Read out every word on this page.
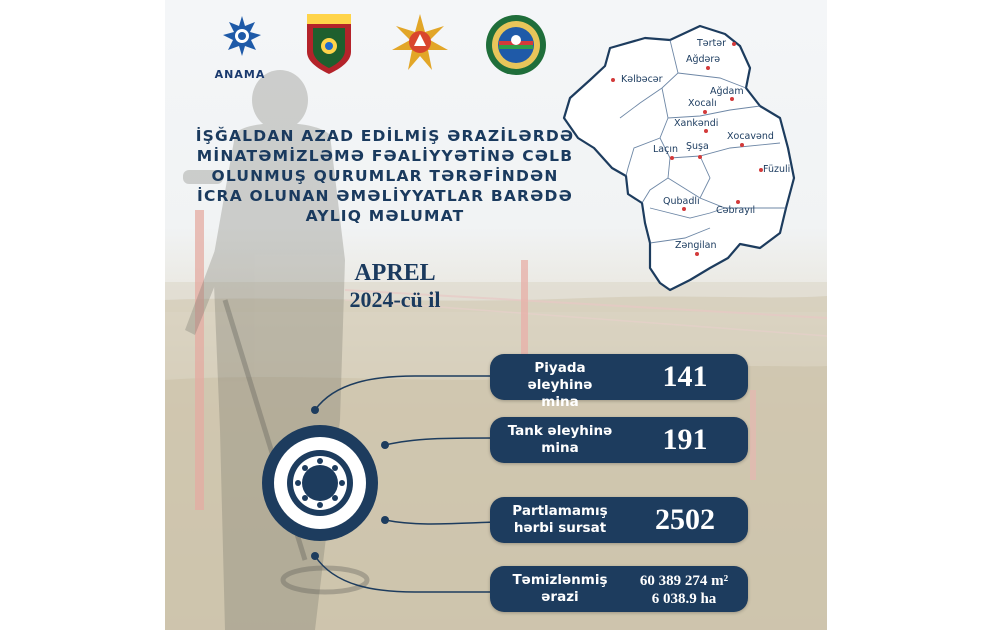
ANAMA
İŞĞALDAN AZAD EDİLMİŞ ƏRAZİLƏRDƏ
MİNATƏMİZLƏMƏ FƏALİYYƏTİNƏ CƏLB
OLUNMUŞ QURUMLAR TƏRƏFİNDƏN
İCRA OLUNAN ƏMƏLİYYATLAR BARƏDƏ
AYLIQ MƏLUMAT
APREL
2024-cü il
Tərtər
Ağdərə
Kəlbəcər
Ağdam
Xocalı
Xankəndi
Xocavənd
Laçın Şuşa
Füzuli
Qubadlı
Cəbrayıl
Zəngilan
Piyada əleyhinə
mina
141
Tank əleyhinə
mina	191
Partlamamış
hərbi sursat	2502
Təmizlənmiş
ərazi
60 389 274 m²
6 038.9 ha
